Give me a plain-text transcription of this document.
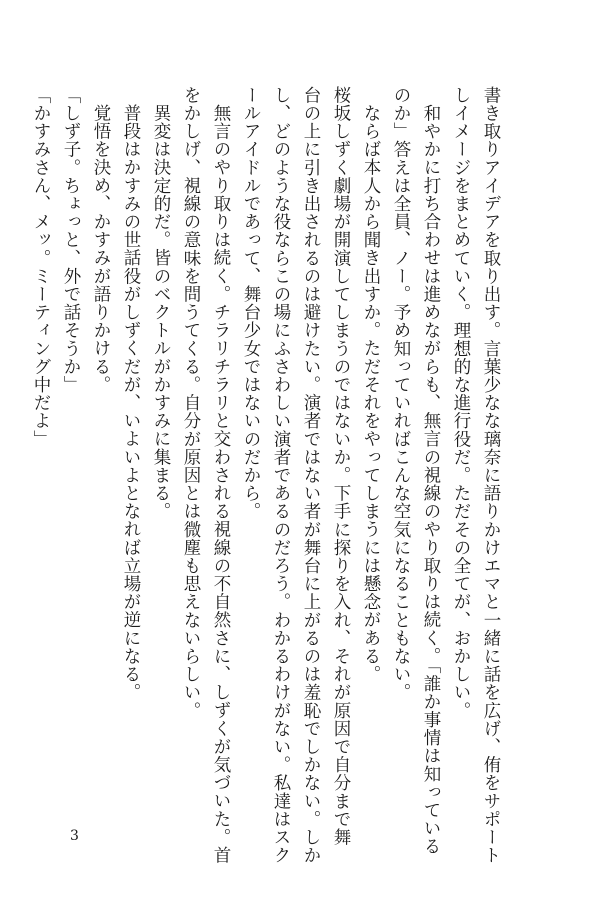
書き取りアイデアを取り出す。言葉少なな璃奈に語りかけエマと一緒に話を広げ、侑をサポート
しイメージをまとめていく。理想的な進行役だ。ただその全てが、おかしい。
和やかに打ち合わせは進めながらも、無言の視線のやり取りは続く。「誰か事情は知っている
のか」答えは全員、ノー。予め知っていればこんな空気になることもない。
ならば本人から聞き出すか。ただそれをやってしまうには懸念がある。
桜坂しずく劇場が開演してしまうのではないか。下手に探りを入れ、それが原因で自分まで舞
台の上に引き出されるのは避けたい。演者ではない者が舞台に上がるのは羞恥でしかない。しか
し、どのような役ならこの場にふさわしい演者であるのだろう。わかるわけがない。私達はスク
ールアイドルであって、舞台少女ではないのだから。
無言のやり取りは続く。チラリチラリと交わされる視線の不自然さに、しずくが気づいた。首
をかしげ、視線の意味を問うてくる。自分が原因とは微塵も思えないらしい。
異変は決定的だ。皆のベクトルがかすみに集まる。
普段はかすみの世話役がしずくだが、いよいよとなれば立場が逆になる。
覚悟を決め、かすみが語りかける。
「しず子。ちょっと、外で話そうか」
「かすみさん、メッ。ミーティング中だよ」
3
